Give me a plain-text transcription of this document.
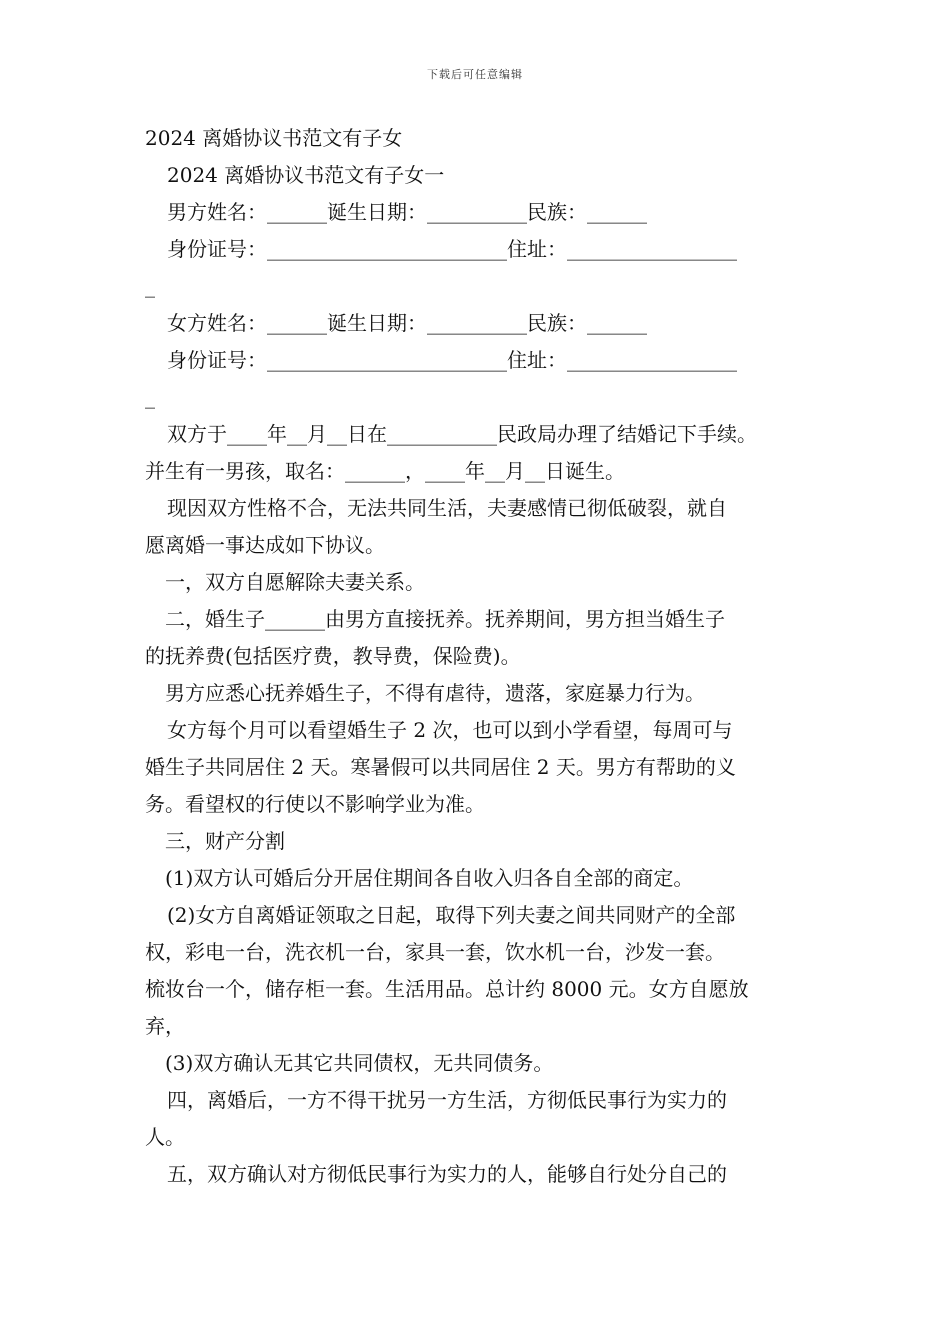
下载后可任意编辑
2024 离婚协议书范文有子女
2024 离婚协议书范文有子女一
男方姓名：______诞生日期：__________民族：______
身份证号：________________________住址：_________________
_
女方姓名：______诞生日期：__________民族：______
身份证号：________________________住址：_________________
_
双方于____年__月__日在___________民政局办理了结婚记下手续。
并生有一男孩，取名：______，____年__月__日诞生。
现因双方性格不合，无法共同生活，夫妻感情已彻低破裂，就自
愿离婚一事达成如下协议。
一，双方自愿解除夫妻关系。
二，婚生子______由男方直接抚养。抚养期间，男方担当婚生子
的抚养费(包括医疗费，教导费，保险费)。
男方应悉心抚养婚生子，不得有虐待，遗落，家庭暴力行为。
女方每个月可以看望婚生子 2 次，也可以到小学看望，每周可与
婚生子共同居住 2 天。寒暑假可以共同居住 2 天。男方有帮助的义
务。看望权的行使以不影响学业为准。
三，财产分割
(1)双方认可婚后分开居住期间各自收入归各自全部的商定。
(2)女方自离婚证领取之日起，取得下列夫妻之间共同财产的全部
权，彩电一台，洗衣机一台，家具一套，饮水机一台，沙发一套。
梳妆台一个，储存柜一套。生活用品。总计约 8000 元。女方自愿放
弃，
(3)双方确认无其它共同债权，无共同债务。
四，离婚后，一方不得干扰另一方生活，方彻低民事行为实力的
人。
五，双方确认对方彻低民事行为实力的人，能够自行处分自己的
